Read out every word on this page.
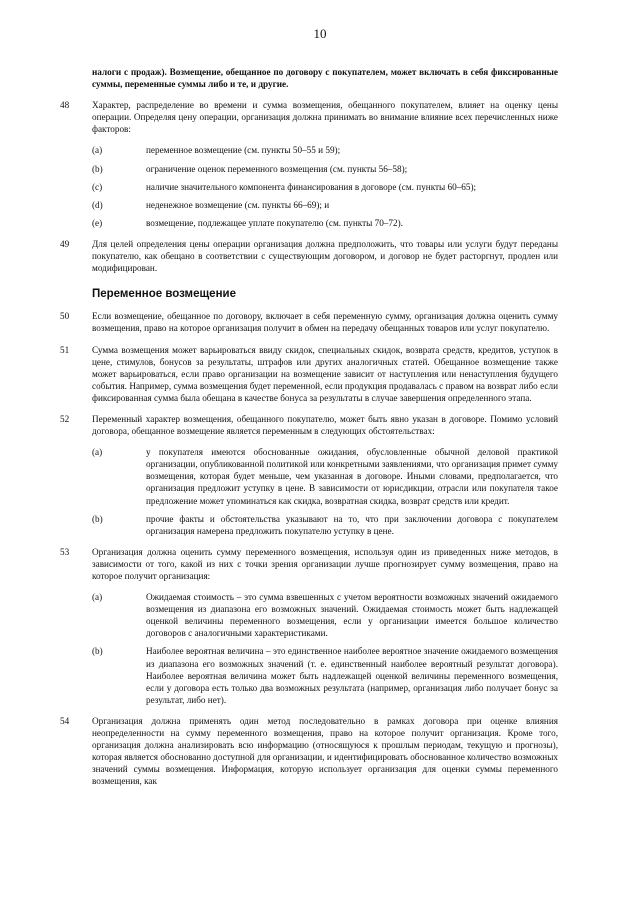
10
налоги с продаж). Возмещение, обещанное по договору с покупателем, может включать в себя фиксированные суммы, переменные суммы либо и те, и другие.
48 Характер, распределение во времени и сумма возмещения, обещанного покупателем, влияет на оценку цены операции. Определяя цену операции, организация должна принимать во внимание влияние всех перечисленных ниже факторов:
(a)	переменное возмещение (см. пункты 50–55 и 59);
(b)	ограничение оценок переменного возмещения (см. пункты 56–58);
(c)	наличие значительного компонента финансирования в договоре (см. пункты 60–65);
(d)	неденежное возмещение (см. пункты 66–69); и
(e)	возмещение, подлежащее уплате покупателю (см. пункты 70–72).
49 Для целей определения цены операции организация должна предположить, что товары или услуги будут переданы покупателю, как обещано в соответствии с существующим договором, и договор не будет расторгнут, продлен или модифицирован.
Переменное возмещение
50 Если возмещение, обещанное по договору, включает в себя переменную сумму, организация должна оценить сумму возмещения, право на которое организация получит в обмен на передачу обещанных товаров или услуг покупателю.
51 Сумма возмещения может варьироваться ввиду скидок, специальных скидок, возврата средств, кредитов, уступок в цене, стимулов, бонусов за результаты, штрафов или других аналогичных статей. Обещанное возмещение также может варьироваться, если право организации на возмещение зависит от наступления или ненаступления будущего события. Например, сумма возмещения будет переменной, если продукция продавалась с правом на возврат либо если фиксированная сумма была обещана в качестве бонуса за результаты в случае завершения определенного этапа.
52 Переменный характер возмещения, обещанного покупателю, может быть явно указан в договоре. Помимо условий договора, обещанное возмещение является переменным в следующих обстоятельствах:
(a)	у покупателя имеются обоснованные ожидания, обусловленные обычной деловой практикой организации, опубликованной политикой или конкретными заявлениями, что организация примет сумму возмещения, которая будет меньше, чем указанная в договоре. Иными словами, предполагается, что организация предложит уступку в цене. В зависимости от юрисдикции, отрасли или покупателя такое предложение может упоминаться как скидка, возвратная скидка, возврат средств или кредит.
(b)	прочие факты и обстоятельства указывают на то, что при заключении договора с покупателем организация намерена предложить покупателю уступку в цене.
53 Организация должна оценить сумму переменного возмещения, используя один из приведенных ниже методов, в зависимости от того, какой из них с точки зрения организации лучше прогнозирует сумму возмещения, право на которое получит организация:
(a)	Ожидаемая стоимость – это сумма взвешенных с учетом вероятности возможных значений ожидаемого возмещения из диапазона его возможных значений. Ожидаемая стоимость может быть надлежащей оценкой величины переменного возмещения, если у организации имеется большое количество договоров с аналогичными характеристиками.
(b)	Наиболее вероятная величина – это единственное наиболее вероятное значение ожидаемого возмещения из диапазона его возможных значений (т. е. единственный наиболее вероятный результат договора). Наиболее вероятная величина может быть надлежащей оценкой величины переменного возмещения, если у договора есть только два возможных результата (например, организация либо получает бонус за результат, либо нет).
54 Организация должна применять один метод последовательно в рамках договора при оценке влияния неопределенности на сумму переменного возмещения, право на которое получит организация. Кроме того, организация должна анализировать всю информацию (относящуюся к прошлым периодам, текущую и прогнозы), которая является обоснованно доступной для организации, и идентифицировать обоснованное количество возможных значений суммы возмещения. Информация, которую использует организация для оценки суммы переменного возмещения, как
